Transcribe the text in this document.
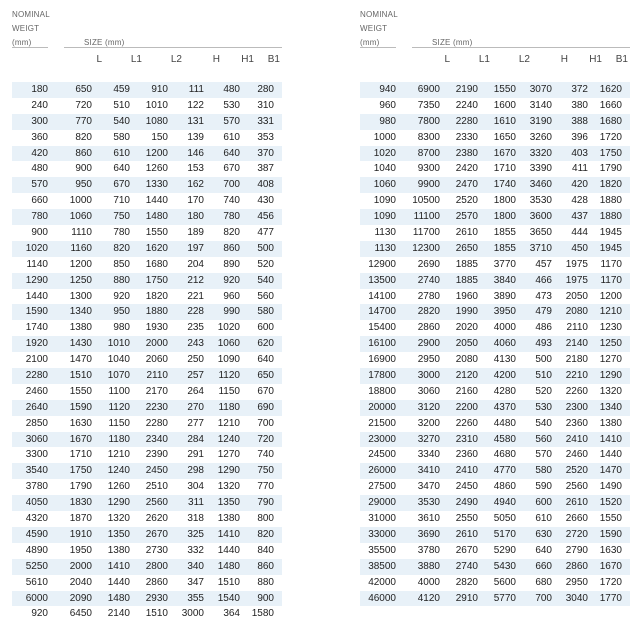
NOMINAL
WEIGT
(mm)	SIZE (mm)
L	L1	L2	H	H1	B1
180	650 459 910 111 480 280
240	720 510 1010 122 530 310
300	770 540 1080 131 570 331
360	820 580 150 139 610 353
420	860 610 1200 146 640 370
480	900 640 1260 153 670 387
570	950 670 1330 162 700 408
660 1000 710 1440 170 740 430
780 1060 750 1480 180 780 456
900 1110 780 1550 189 820 477
1020 1160 820 1620 197 860 500
1140 1200 850 1680 204 890 520
1290 1250 880 1750 212 920 540
1440 1300 920 1820 221 960 560
1590 1340 950 1880 228 990 580
1740 1380 980 1930 235 1020 600
1920 1430 1010 2000 243 1060 620
2100 1470 1040 2060 250 1090 640
2280 1510 1070 2110 257 1120 650
2460 1550 1100 2170 264 1150 670
2640 1590 1120 2230 270 1180 690
2850 1630 1150 2280 277 1210 700
3060 1670 1180 2340 284 1240 720
3300 1710 1210 2390 291 1270 740
3540 1750 1240 2450 298 1290 750
3780 1790 1260 2510 304 1320 770
4050 1830 1290 2560 311 1350 790
4320 1870 1320 2620 318 1380 800
4590 1910 1350 2670 325 1410 820
4890 1950 1380 2730 332 1440 840
5250 2000 1410 2800 340 1480 860
5610 2040 1440 2860 347 1510 880
6000 2090 1480 2930 355 1540 900
920 6450 2140 1510 3000 364 1580
NOMINAL
WEIGT
(mm)	SIZE (mm)
L	L1	L2	H	H1	B1
940 6900 2190 1550 3070 372 1620
960 7350 2240 1600 3140 380 1660
980 7800 2280 1610 3190 388 1680
1000 8300 2330 1650 3260 396 1720
1020 8700 2380 1670 3320 403 1750
1040 9300 2420 1710 3390 411 1790
1060 9900 2470 1740 3460 420 1820
1090 10500 2520 1800 3530 428 1880
1090 11100 2570 1800 3600 437 1880
1130 11700 2610 1855 3650 444 1945
1130 12300 2650 1855 3710 450 1945
12900 2690 1885 3770 457 1975 1170
13500 2740 1885 3840 466 1975 1170
14100 2780 1960 3890 473 2050 1200
14700 2820 1990 3950 479 2080 1210
15400 2860 2020 4000 486 2110 1230
16100 2900 2050 4060 493 2140 1250
16900 2950 2080 4130 500 2180 1270
17800 3000 2120 4200 510 2210 1290
18800 3060 2160 4280 520 2260 1320
20000 3120 2200 4370 530 2300 1340
21500 3200 2260 4480 540 2360 1380
23000 3270 2310 4580 560 2410 1410
24500 3340 2360 4680 570 2460 1440
26000 3410 2410 4770 580 2520 1470
27500 3470 2450 4860 590 2560 1490
29000 3530 2490 4940 600 2610 1520
31000 3610 2550 5050 610 2660 1550
33000 3690 2610 5170 630 2720 1590
35500 3780 2670 5290 640 2790 1630
38500 3880 2740 5430 660 2860 1670
42000 4000 2820 5600 680 2950 1720
46000 4120 2910 5770 700 3040 1770
